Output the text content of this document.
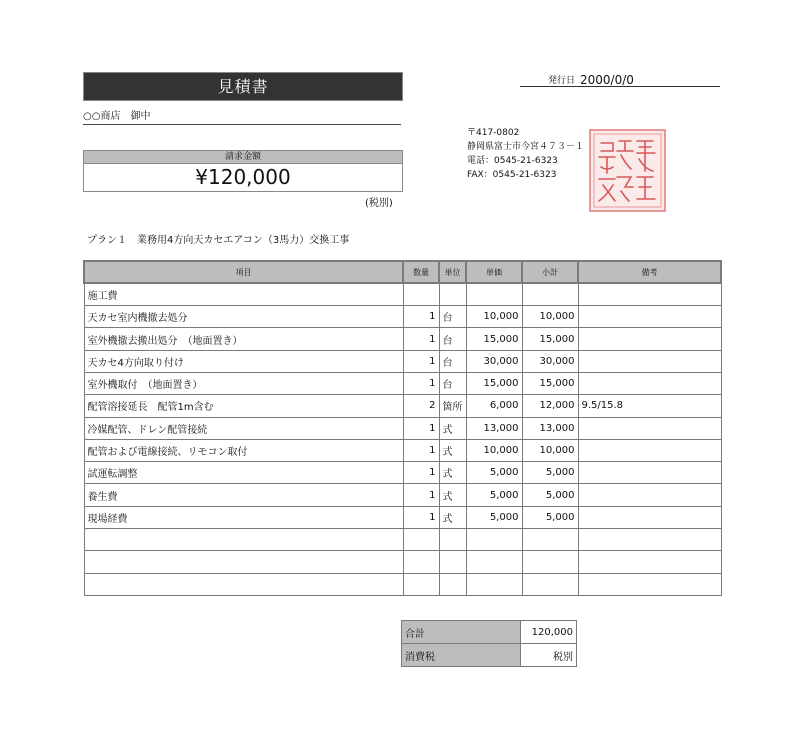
見積書	発行日 2000/0/0
○○商店　御中
請求金額
¥120,000
(税別)
〒417-0802
静岡県富士市今宮４７３－１
電話：0545-21-6323
FAX：0545-21-6323
プラン１　業務用4方向天カセエアコン（3馬力）交換工事
項目	数量	単位	単価	小計	備考
施工費					
天カセ室内機撤去処分	1	台	10,000	10,000	
室外機撤去搬出処分　（地面置き）	1	台	15,000	15,000	
天カセ4方向取り付け	1	台	30,000	30,000	
室外機取付　（地面置き）	1	台	15,000	15,000	
配管溶接延長　配管1m含む	2	箇所	6,000	12,000	9.5/15.8
冷媒配管、ドレン配管接続	1	式	13,000	13,000	
配管および電線接続、リモコン取付	1	式	10,000	10,000	
試運転調整	1	式	5,000	5,000	
養生費	1	式	5,000	5,000	
現場経費	1	式	5,000	5,000	

合計	120,000
消費税	税別
